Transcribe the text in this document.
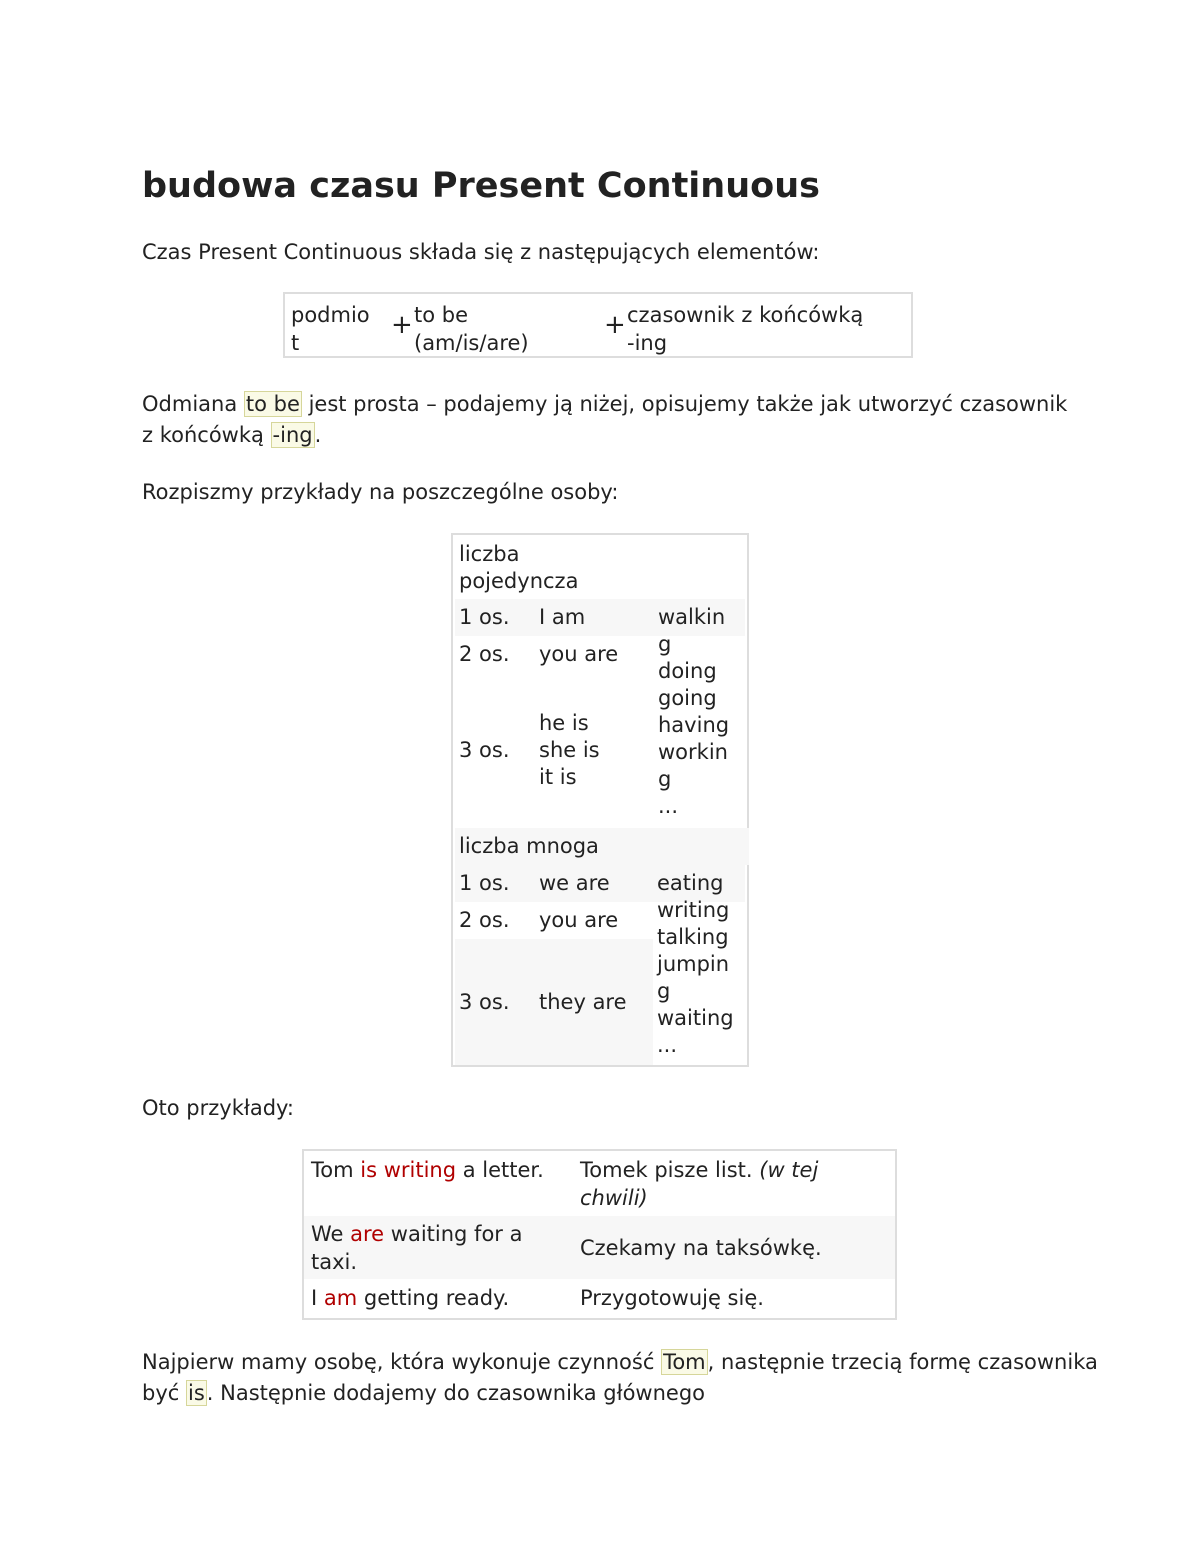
budowa czasu Present Continuous

Czas Present Continuous składa się z następujących elementów:

podmio
t
+ to be
(am/is/are)
+ czasownik z końcówką
-ing

Odmiana to be jest prosta – podajemy ją niżej, opisujemy także jak utworzyć czasownik z końcówką -ing.

Rozpiszmy przykłady na poszczególne osoby:

liczba
pojedyncza
1 os. I am
2 os. you are
3 os.
he is
she is
it is
walkin
g
doing
going
having
workin
g
...
liczba mnoga
1 os. we are
2 os. you are
3 os. they are
eating
writing
talking
jumpin
g
waiting
...

Oto przykłady:

Tom is writing a letter.	Tomek pisze list. (w tej chwili)
We are waiting for a taxi.
Czekamy na taksówkę.
I am getting ready.	Przygotowuję się.

Najpierw mamy osobę, która wykonuje czynność Tom, następnie trzecią formę czasownika być is. Następnie dodajemy do czasownika głównego
